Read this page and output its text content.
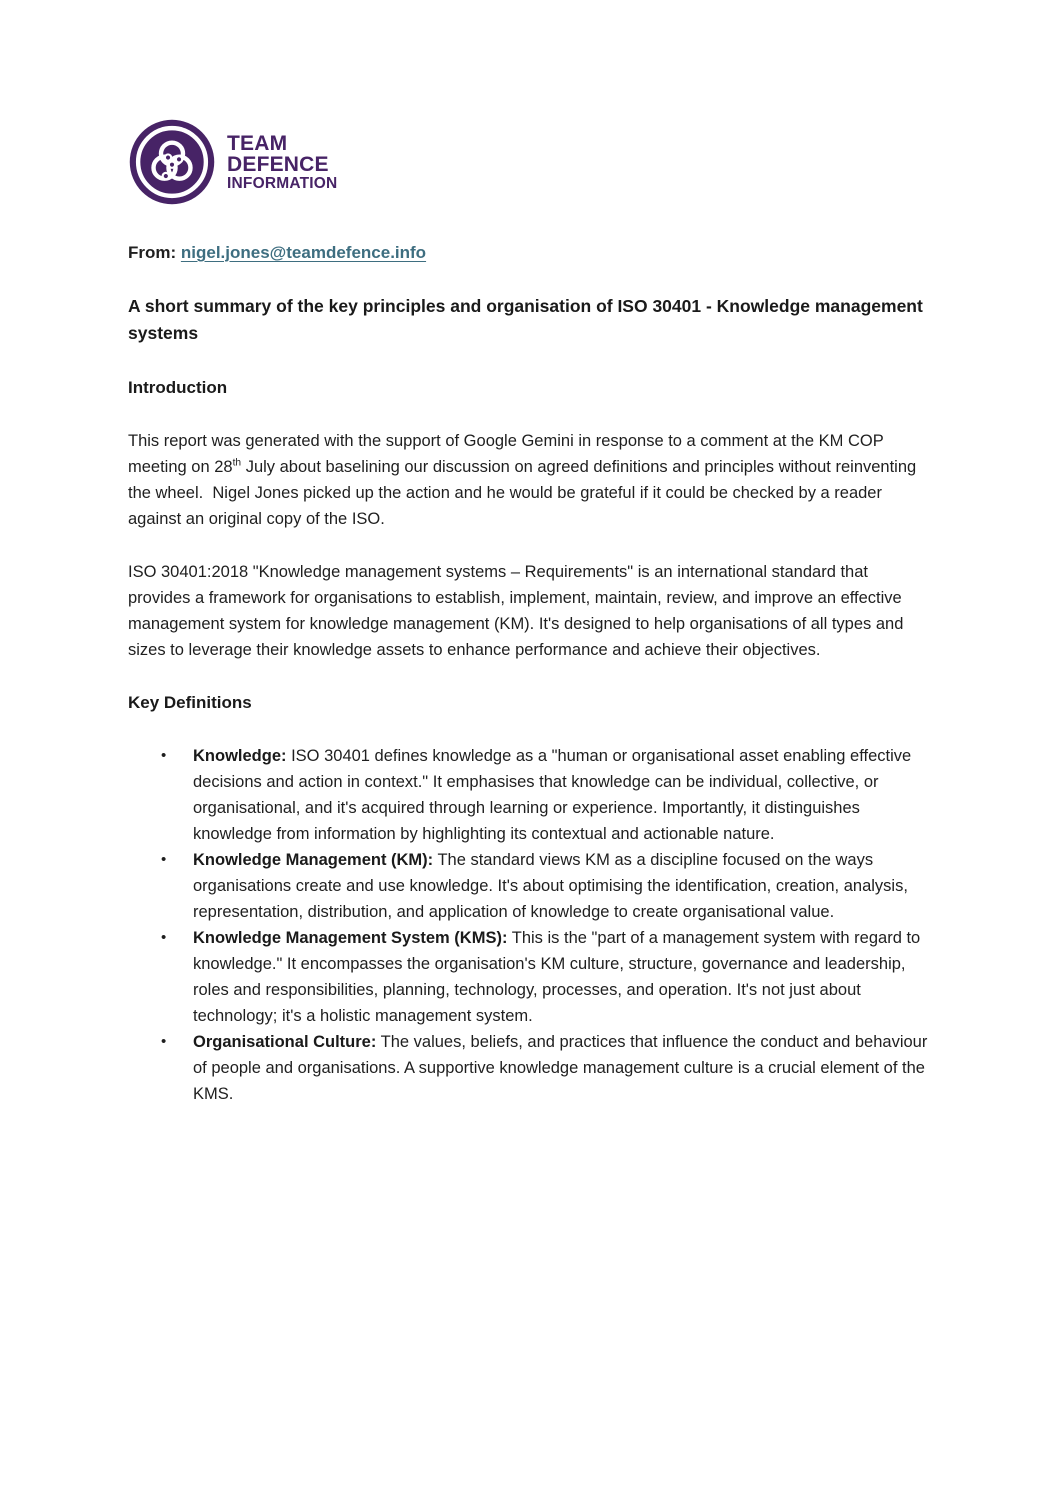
TEAM
DEFENCE
INFORMATION

From: nigel.jones@teamdefence.info

A short summary of the key principles and organisation of ISO 30401 - Knowledge management systems

Introduction

This report was generated with the support of Google Gemini in response to a comment at the KM COP meeting on 28th July about baselining our discussion on agreed definitions and principles without reinventing the wheel.  Nigel Jones picked up the action and he would be grateful if it could be checked by a reader against an original copy of the ISO.

ISO 30401:2018 "Knowledge management systems – Requirements" is an international standard that provides a framework for organisations to establish, implement, maintain, review, and improve an effective management system for knowledge management (KM). It's designed to help organisations of all types and sizes to leverage their knowledge assets to enhance performance and achieve their objectives.

Key Definitions

•	Knowledge: ISO 30401 defines knowledge as a "human or organisational asset enabling effective decisions and action in context." It emphasises that knowledge can be individual, collective, or organisational, and it's acquired through learning or experience. Importantly, it distinguishes knowledge from information by highlighting its contextual and actionable nature.
•	Knowledge Management (KM): The standard views KM as a discipline focused on the ways organisations create and use knowledge. It's about optimising the identification, creation, analysis, representation, distribution, and application of knowledge to create organisational value.
•	Knowledge Management System (KMS): This is the "part of a management system with regard to knowledge." It encompasses the organisation's KM culture, structure, governance and leadership, roles and responsibilities, planning, technology, processes, and operation. It's not just about technology; it's a holistic management system.
•	Organisational Culture: The values, beliefs, and practices that influence the conduct and behaviour of people and organisations. A supportive knowledge management culture is a crucial element of the KMS.
